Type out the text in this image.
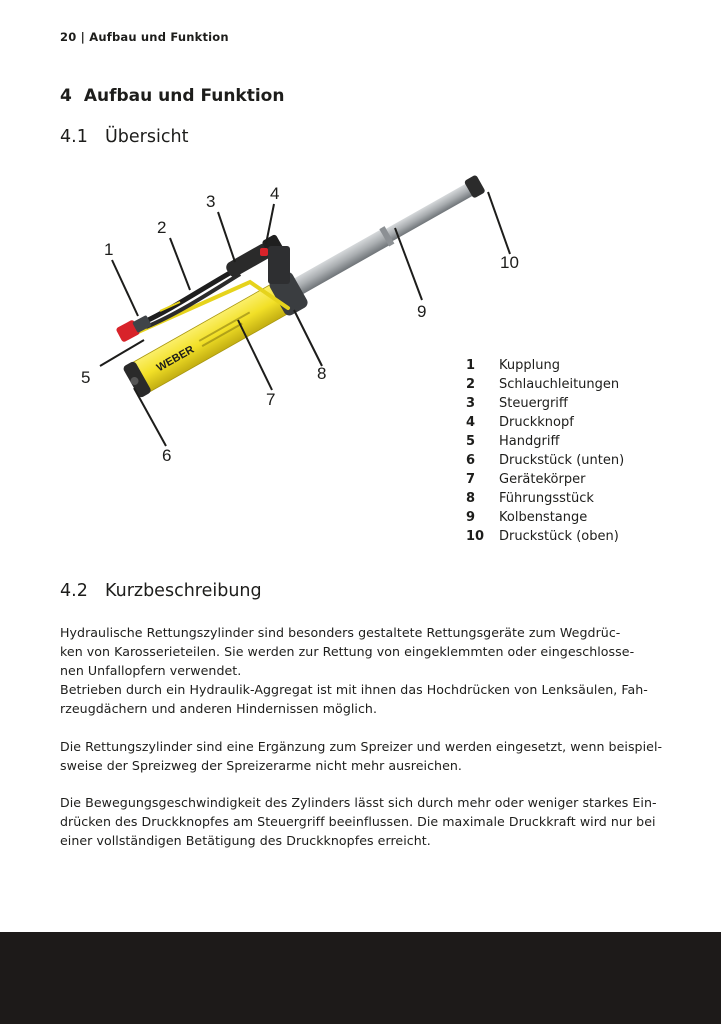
20 | Aufbau und Funktion
4 Aufbau und Funktion
4.1 Übersicht
WEBER
1
2
3	4
5
6
7
8
9
10
1	Kupplung
2	Schlauchleitungen
3	Steuergriff
4	Druckknopf
5	Handgriff
6	Druckstück (unten)
7	Gerätekörper
8	Führungsstück
9	Kolbenstange
10	Druckstück (oben)
4.2 Kurzbeschreibung

Hydraulische Rettungszylinder sind besonders gestaltete Rettungsgeräte zum Wegdrüc-

ken von Karosserieteilen. Sie werden zur Rettung von eingeklemmten oder eingeschlosse-

nen Unfallopfern verwendet.

Betrieben durch ein Hydraulik-Aggregat ist mit ihnen das Hochdrücken von Lenksäulen, Fah-

rzeugdächern und anderen Hindernissen möglich.

Die Rettungszylinder sind eine Ergänzung zum Spreizer und werden eingesetzt, wenn beispiel-

sweise der Spreizweg der Spreizerarme nicht mehr ausreichen.

Die Bewegungsgeschwindigkeit des Zylinders lässt sich durch mehr oder weniger starkes Ein-

drücken des Druckknopfes am Steuergriff beeinflussen. Die maximale Druckkraft wird nur bei

einer vollständigen Betätigung des Druckknopfes erreicht.
